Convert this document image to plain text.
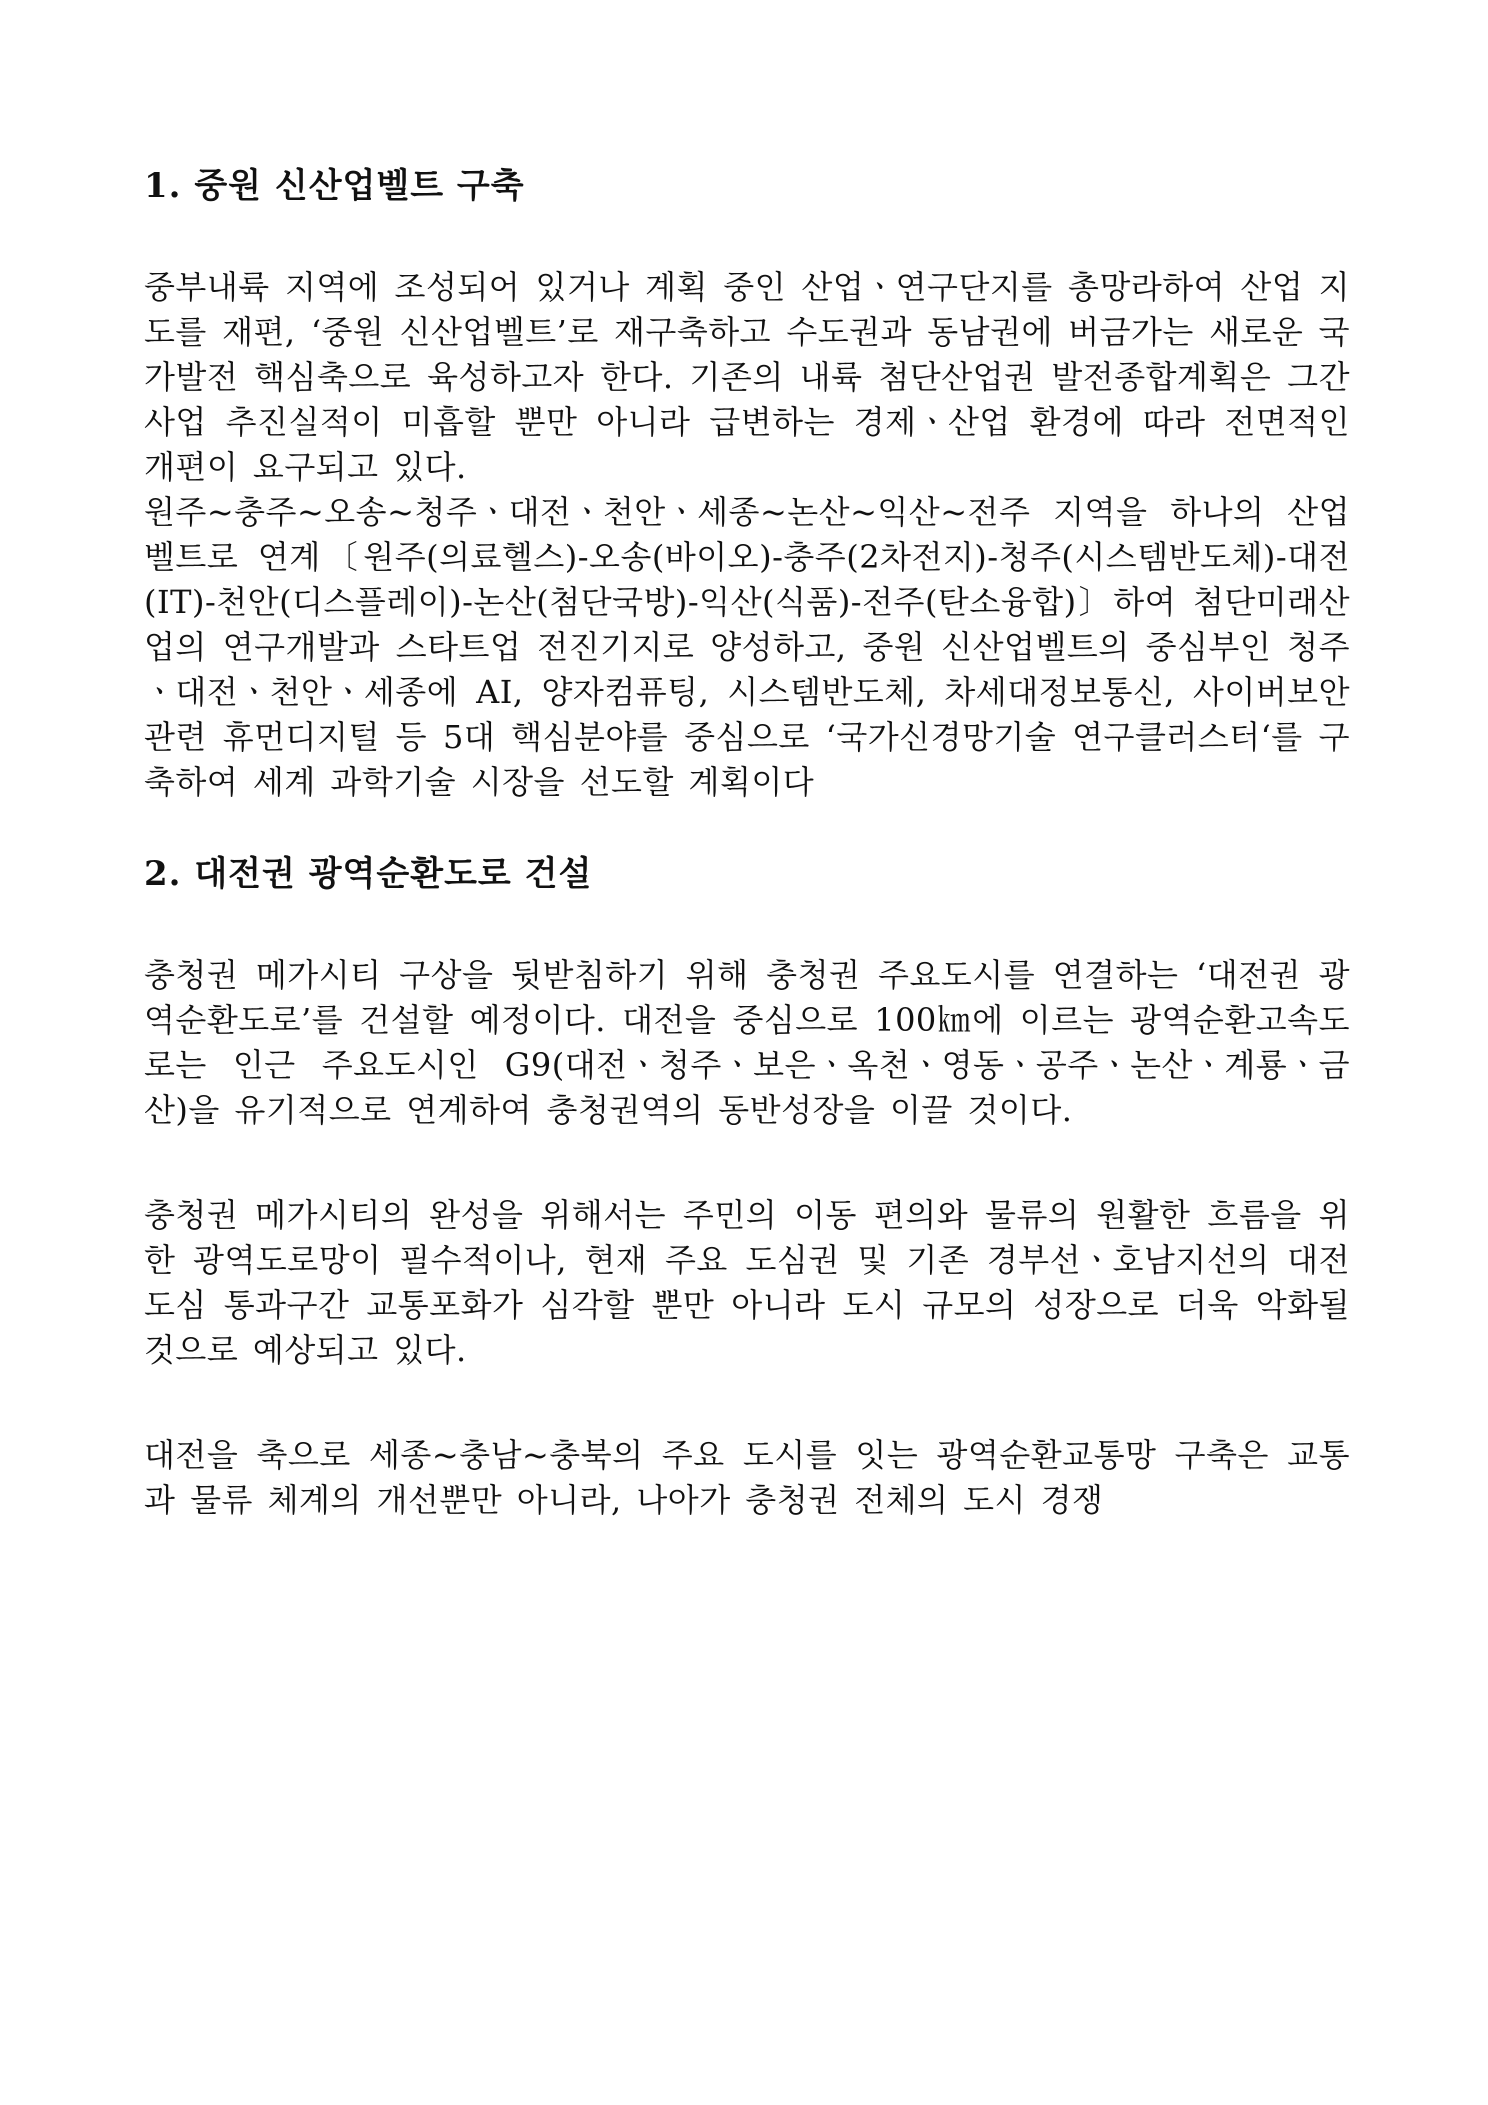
1. 중원 신산업벨트 구축

중부내륙 지역에 조성되어 있거나 계획 중인 산업ㆍ연구단지를 총망라하여 산업 지도를 재편, ‘중원 신산업벨트’로 재구축하고 수도권과 동남권에 버금가는 새로운 국가발전 핵심축으로 육성하고자 한다. 기존의 내륙 첨단산업권 발전종합계획은 그간 사업 추진실적이 미흡할 뿐만 아니라 급변하는 경제ㆍ산업 환경에 따라 전면적인 개편이 요구되고 있다.

원주~충주~오송~청주ㆍ대전ㆍ천안ㆍ세종~논산~익산~전주 지역을 하나의 산업벨트로 연계〔원주(의료헬스)-오송(바이오)-충주(2차전지)-청주(시스템반도체)-대전(IT)-천안(디스플레이)-논산(첨단국방)-익산(식품)-전주(탄소융합)〕하여 첨단미래산업의 연구개발과 스타트업 전진기지로 양성하고, 중원 신산업벨트의 중심부인 청주ㆍ대전ㆍ천안ㆍ세종에 AI, 양자컴퓨팅, 시스템반도체, 차세대정보통신, 사이버보안 관련 휴먼디지털 등 5대 핵심분야를 중심으로 ‘국가신경망기술 연구클러스터‘를 구축하여 세계 과학기술 시장을 선도할 계획이다

2. 대전권 광역순환도로 건설

충청권 메가시티 구상을 뒷받침하기 위해 충청권 주요도시를 연결하는 ‘대전권 광역순환도로’를 건설할 예정이다. 대전을 중심으로 100㎞에 이르는 광역순환고속도로는 인근 주요도시인 G9(대전ㆍ청주ㆍ보은ㆍ옥천ㆍ영동ㆍ공주ㆍ논산ㆍ계룡ㆍ금산)을 유기적으로 연계하여 충청권역의 동반성장을 이끌 것이다.

충청권 메가시티의 완성을 위해서는 주민의 이동 편의와 물류의 원활한 흐름을 위한 광역도로망이 필수적이나, 현재 주요 도심권 및 기존 경부선ㆍ호남지선의 대전 도심 통과구간 교통포화가 심각할 뿐만 아니라 도시 규모의 성장으로 더욱 악화될 것으로 예상되고 있다.

대전을 축으로 세종~충남~충북의 주요 도시를 잇는 광역순환교통망 구축은 교통과 물류 체계의 개선뿐만 아니라, 나아가 충청권 전체의 도시 경쟁
